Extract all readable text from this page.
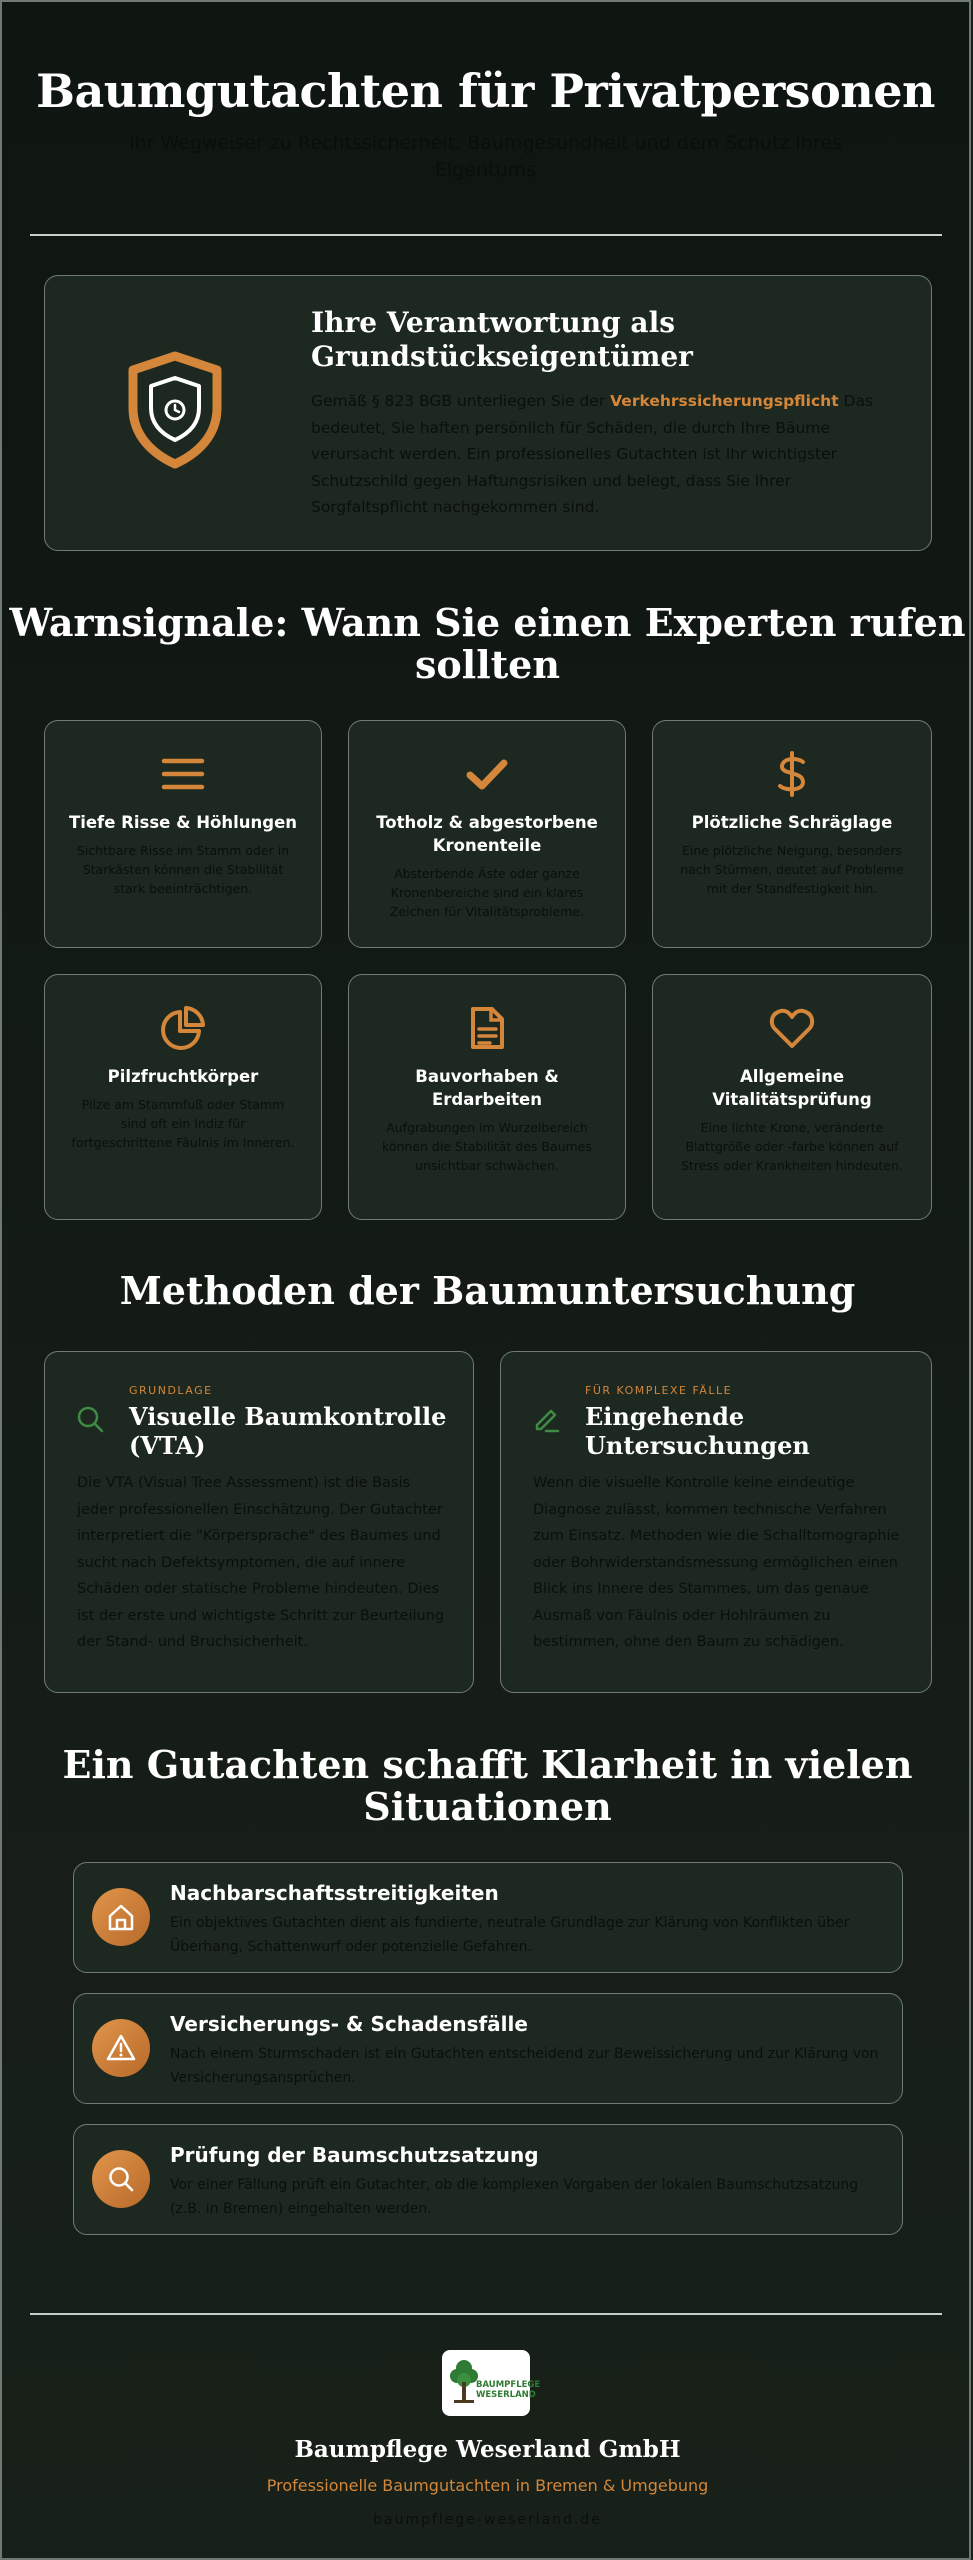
Baumgutachten für Privatpersonen

Ihr Wegweiser zu Rechtssicherheit, Baumgesundheit und dem Schutz Ihres Eigentums

Ihre Verantwortung als Grundstückseigentümer
Gemäß § 823 BGB unterliegen Sie der Verkehrssicherungspflicht Das bedeutet, Sie haften persönlich für Schäden, die durch Ihre Bäume verursacht werden. Ein professionelles Gutachten ist Ihr wichtigster Schutzschild gegen Haftungsrisiken und belegt, dass Sie Ihrer Sorgfaltspflicht nachgekommen sind.
Warnsignale: Wann Sie einen Experten rufen sollten
Tiefe Risse & Höhlungen
Sichtbare Risse im Stamm oder in Starkästen können die Stabilität stark beeinträchtigen.
Totholz & abgestorbene Kronenteile
Absterbende Äste oder ganze Kronenbereiche sind ein klares Zeichen für Vitalitätsprobleme.
Plötzliche Schräglage
Eine plötzliche Neigung, besonders nach Stürmen, deutet auf Probleme mit der Standfestigkeit hin.
Pilzfruchtkörper
Pilze am Stammfuß oder Stamm sind oft ein Indiz für fortgeschrittene Fäulnis im Inneren.
Bauvorhaben & Erdarbeiten
Aufgrabungen im Wurzelbereich können die Stabilität des Baumes unsichtbar schwächen.
Allgemeine Vitalitätsprüfung
Eine lichte Krone, veränderte Blattgröße oder -farbe können auf Stress oder Krankheiten hindeuten.
Methoden der Baumuntersuchung
GRUNDLAGE
Visuelle Baumkontrolle (VTA)
Die VTA (Visual Tree Assessment) ist die Basis jeder professionellen Einschätzung. Der Gutachter interpretiert die "Körpersprache" des Baumes und sucht nach Defektsymptomen, die auf innere Schäden oder statische Probleme hindeuten. Dies ist der erste und wichtigste Schritt zur Beurteilung der Stand- und Bruchsicherheit.
FÜR KOMPLEXE FÄLLE
Eingehende Untersuchungen
Wenn die visuelle Kontrolle keine eindeutige Diagnose zulässt, kommen technische Verfahren zum Einsatz. Methoden wie die Schalltomographie oder Bohrwiderstandsmessung ermöglichen einen Blick ins Innere des Stammes, um das genaue Ausmaß von Fäulnis oder Hohlräumen zu bestimmen, ohne den Baum zu schädigen.
Ein Gutachten schafft Klarheit in vielen Situationen
Nachbarschaftsstreitigkeiten
Ein objektives Gutachten dient als fundierte, neutrale Grundlage zur Klärung von Konflikten über Überhang, Schattenwurf oder potenzielle Gefahren.
Versicherungs- & Schadensfälle
Nach einem Sturmschaden ist ein Gutachten entscheidend zur Beweissicherung und zur Klärung von Versicherungsansprüchen.
Prüfung der Baumschutzsatzung
Vor einer Fällung prüft ein Gutachter, ob die komplexen Vorgaben der lokalen Baumschutzsatzung (z.B. in Bremen) eingehalten werden.
BAUMPFLEGE
WESERLAND
Baumpflege Weserland GmbH
Professionelle Baumgutachten in Bremen & Umgebung
baumpflege-weserland.de
